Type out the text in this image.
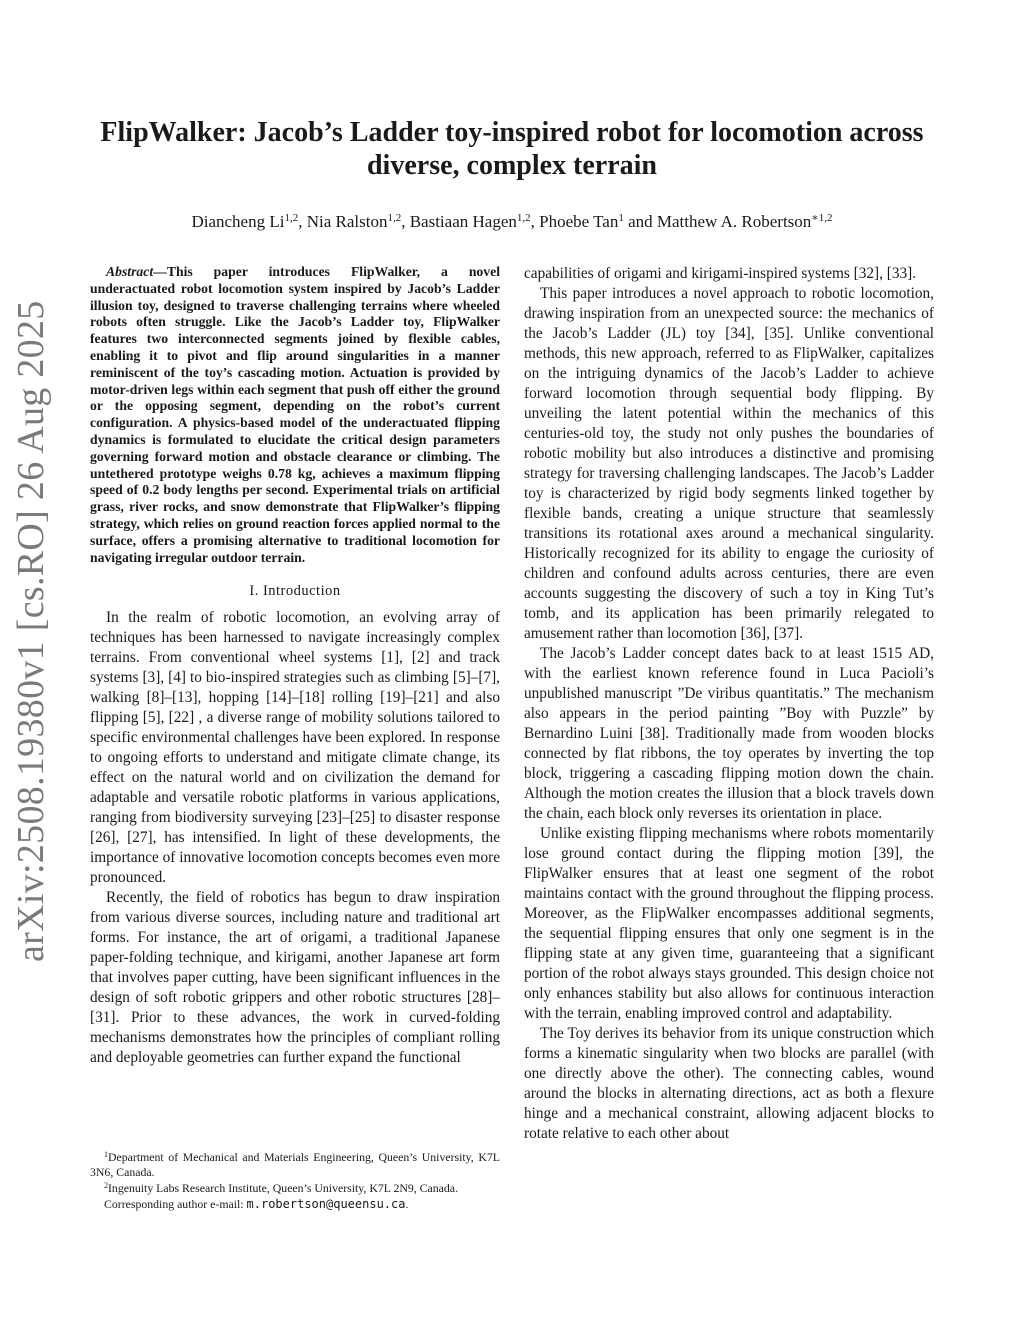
arXiv:2508.19380v1 [cs.RO] 26 Aug 2025
FlipWalker: Jacob’s Ladder toy-inspired robot for locomotion across diverse, complex terrain
Diancheng Li$^{1,2}$, Nia Ralston$^{1,2}$, Bastiaan Hagen$^{1,2}$, Phoebe Tan$^1$ and Matthew A. Robertson$^{∗1,2}$

Abstract—This paper introduces FlipWalker, a novel underactuated robot locomotion system inspired by Jacob’s Ladder illusion toy, designed to traverse challenging terrains where wheeled robots often struggle. Like the Jacob’s Ladder toy, FlipWalker features two interconnected segments joined by flexible cables, enabling it to pivot and flip around singularities in a manner reminiscent of the toy’s cascading motion. Actuation is provided by motor-driven legs within each segment that push off either the ground or the opposing segment, depending on the robot’s current configuration. A physics-based model of the underactuated flipping dynamics is formulated to elucidate the critical design parameters governing forward motion and obstacle clearance or climbing. The untethered prototype weighs 0.78 kg, achieves a maximum flipping speed of 0.2 body lengths per second. Experimental trials on artificial grass, river rocks, and snow demonstrate that FlipWalker’s flipping strategy, which relies on ground reaction forces applied normal to the surface, offers a promising alternative to traditional locomotion for navigating irregular outdoor terrain.

I. Introduction

In the realm of robotic locomotion, an evolving array of techniques has been harnessed to navigate increasingly complex terrains. From conventional wheel systems [1], [2] and track systems [3], [4] to bio-inspired strategies such as climbing [5]–[7], walking [8]–[13], hopping [14]–[18] rolling [19]–[21] and also flipping [5], [22] , a diverse range of mobility solutions tailored to specific environmental challenges have been explored. In response to ongoing efforts to understand and mitigate climate change, its effect on the natural world and on civilization the demand for adaptable and versatile robotic platforms in various applications, ranging from biodiversity surveying [23]–[25] to disaster response [26], [27], has intensified. In light of these developments, the importance of innovative locomotion concepts becomes even more pronounced.

Recently, the field of robotics has begun to draw inspiration from various diverse sources, including nature and traditional art forms. For instance, the art of origami, a traditional Japanese paper-folding technique, and kirigami, another Japanese art form that involves paper cutting, have been significant influences in the design of soft robotic grippers and other robotic structures [28]–[31]. Prior to these advances, the work in curved-folding mechanisms demonstrates how the principles of compliant rolling and deployable geometries can further expand the functional

capabilities of origami and kirigami-inspired systems [32], [33].

This paper introduces a novel approach to robotic locomotion, drawing inspiration from an unexpected source: the mechanics of the Jacob’s Ladder (JL) toy [34], [35]. Unlike conventional methods, this new approach, referred to as FlipWalker, capitalizes on the intriguing dynamics of the Jacob’s Ladder to achieve forward locomotion through sequential body flipping. By unveiling the latent potential within the mechanics of this centuries-old toy, the study not only pushes the boundaries of robotic mobility but also introduces a distinctive and promising strategy for traversing challenging landscapes. The Jacob’s Ladder toy is characterized by rigid body segments linked together by flexible bands, creating a unique structure that seamlessly transitions its rotational axes around a mechanical singularity. Historically recognized for its ability to engage the curiosity of children and confound adults across centuries, there are even accounts suggesting the discovery of such a toy in King Tut’s tomb, and its application has been primarily relegated to amusement rather than locomotion [36], [37].

The Jacob’s Ladder concept dates back to at least 1515 AD, with the earliest known reference found in Luca Pacioli’s unpublished manuscript ”De viribus quantitatis.” The mechanism also appears in the period painting ”Boy with Puzzle” by Bernardino Luini [38]. Traditionally made from wooden blocks connected by flat ribbons, the toy operates by inverting the top block, triggering a cascading flipping motion down the chain. Although the motion creates the illusion that a block travels down the chain, each block only reverses its orientation in place.

Unlike existing flipping mechanisms where robots momentarily lose ground contact during the flipping motion [39], the FlipWalker ensures that at least one segment of the robot maintains contact with the ground throughout the flipping process. Moreover, as the FlipWalker encompasses additional segments, the sequential flipping ensures that only one segment is in the flipping state at any given time, guaranteeing that a significant portion of the robot always stays grounded. This design choice not only enhances stability but also allows for continuous interaction with the terrain, enabling improved control and adaptability.

The Toy derives its behavior from its unique construction which forms a kinematic singularity when two blocks are parallel (with one directly above the other). The connecting cables, wound around the blocks in alternating directions, act as both a flexure hinge and a mechanical constraint, allowing adjacent blocks to rotate relative to each other about

$^1$Department of Mechanical and Materials Engineering, Queen’s University, K7L 3N6, Canada.

$^2$Ingenuity Labs Research Institute, Queen’s University, K7L 2N9, Canada.

Corresponding author e-mail: m.robertson@queensu.ca.
